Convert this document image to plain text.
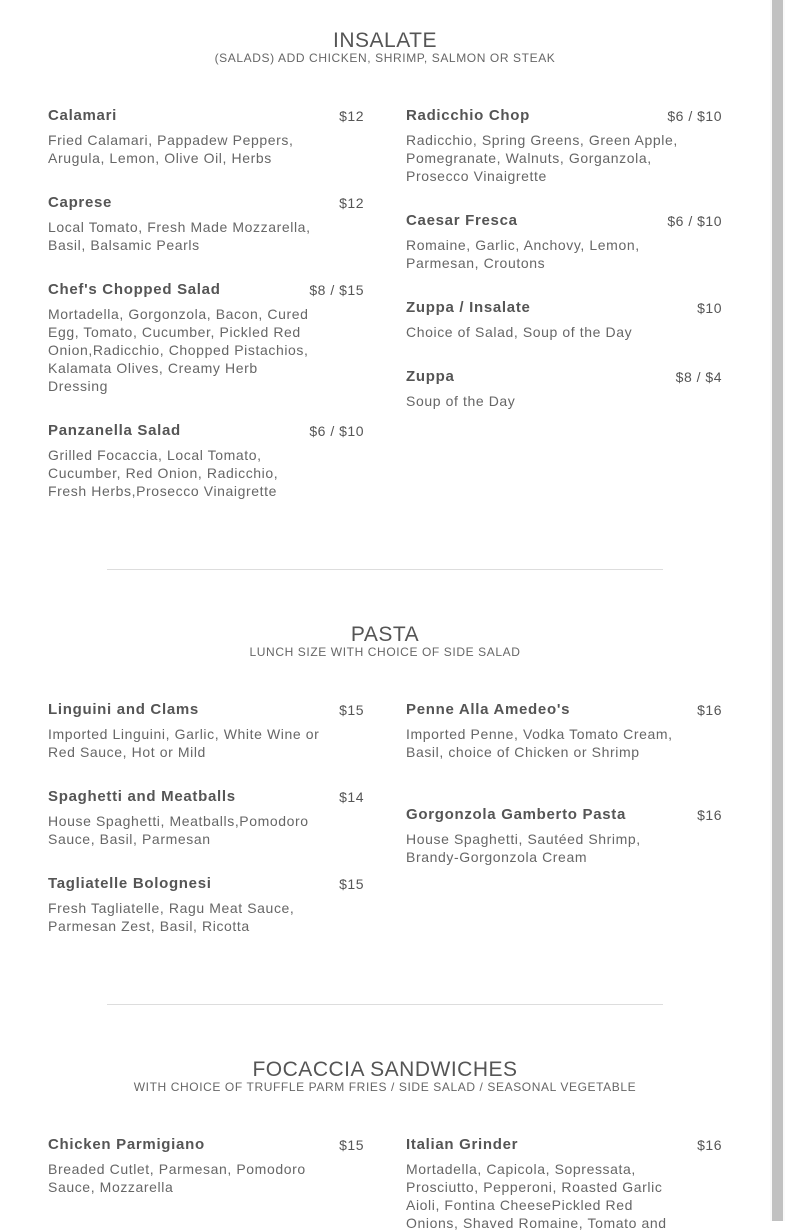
INSALATE
(SALADS) ADD CHICKEN, SHRIMP, SALMON OR STEAK
Calamari	$12
Fried Calamari, Pappadew Peppers, Arugula, Lemon, Olive Oil, Herbs
Caprese	$12
Local Tomato, Fresh Made Mozzarella, Basil, Balsamic Pearls
Chef's Chopped Salad	$8 / $15
Mortadella, Gorgonzola, Bacon, Cured Egg, Tomato, Cucumber, Pickled Red Onion,Radicchio, Chopped Pistachios, Kalamata Olives, Creamy Herb Dressing
Panzanella Salad	$6 / $10
Grilled Focaccia, Local Tomato, Cucumber, Red Onion, Radicchio, Fresh Herbs,Prosecco Vinaigrette
Radicchio Chop	$6 / $10
Radicchio, Spring Greens, Green Apple, Pomegranate, Walnuts, Gorganzola, Prosecco Vinaigrette
Caesar Fresca	$6 / $10
Romaine, Garlic, Anchovy, Lemon, Parmesan, Croutons
Zuppa / Insalate	$10
Choice of Salad, Soup of the Day
Zuppa	$8 / $4
Soup of the Day
PASTA
LUNCH SIZE WITH CHOICE OF SIDE SALAD
Linguini and Clams	$15
Imported Linguini, Garlic, White Wine or Red Sauce, Hot or Mild
Spaghetti and Meatballs	$14
House Spaghetti, Meatballs,Pomodoro Sauce, Basil, Parmesan
Tagliatelle Bolognesi	$15
Fresh Tagliatelle, Ragu Meat Sauce, Parmesan Zest, Basil, Ricotta
Penne Alla Amedeo's	$16
Imported Penne, Vodka Tomato Cream, Basil, choice of Chicken or Shrimp
Gorgonzola Gamberto Pasta	$16
House Spaghetti, Sautéed Shrimp, Brandy-Gorgonzola Cream
FOCACCIA SANDWICHES
WITH CHOICE OF TRUFFLE PARM FRIES / SIDE SALAD / SEASONAL VEGETABLE
Chicken Parmigiano	$15
Breaded Cutlet, Parmesan, Pomodoro Sauce, Mozzarella
Italian Grinder	$16
Mortadella, Capicola, Sopressata, Prosciutto, Pepperoni, Roasted Garlic Aioli, Fontina CheesePickled Red Onions, Shaved Romaine, Tomato and
